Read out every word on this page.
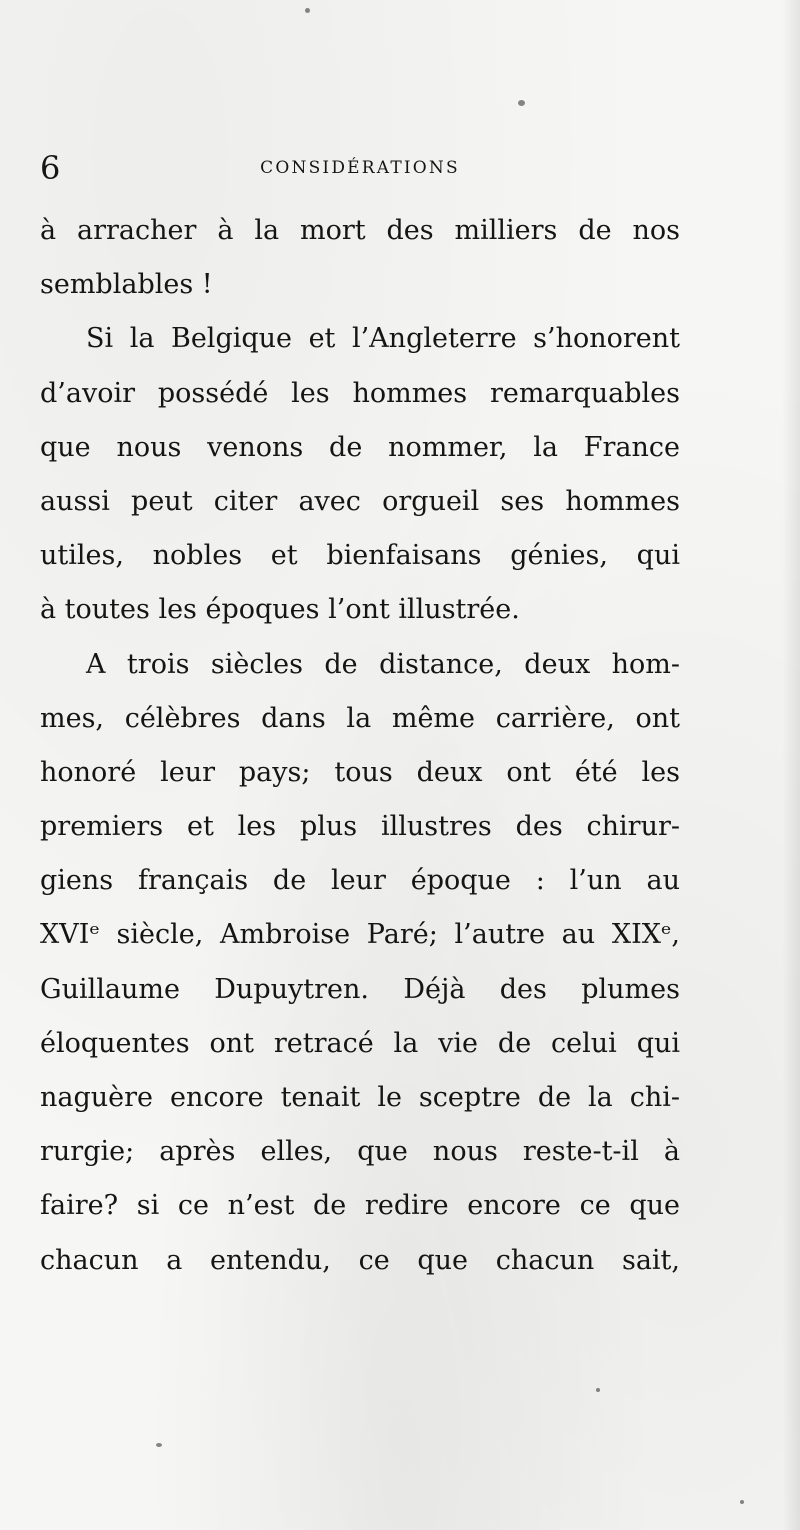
6	CONSIDÉRATIONS
à arracher à la mort des milliers de nos
semblables !
Si la Belgique et l’Angleterre s’honorent
d’avoir possédé les hommes remarquables
que nous venons de nommer, la France
aussi peut citer avec orgueil ses hommes
utiles, nobles et bienfaisans génies, qui
à toutes les époques l’ont illustrée.
A trois siècles de distance, deux hom-
mes, célèbres dans la même carrière, ont
honoré leur pays; tous deux ont été les
premiers et les plus illustres des chirur-
giens français de leur époque : l’un au
XVIᵉ siècle, Ambroise Paré; l’autre au XIXᵉ,
Guillaume Dupuytren. Déjà des plumes
éloquentes ont retracé la vie de celui qui
naguère encore tenait le sceptre de la chi-
rurgie; après elles, que nous reste-t-il à
faire? si ce n’est de redire encore ce que
chacun a entendu, ce que chacun sait,
